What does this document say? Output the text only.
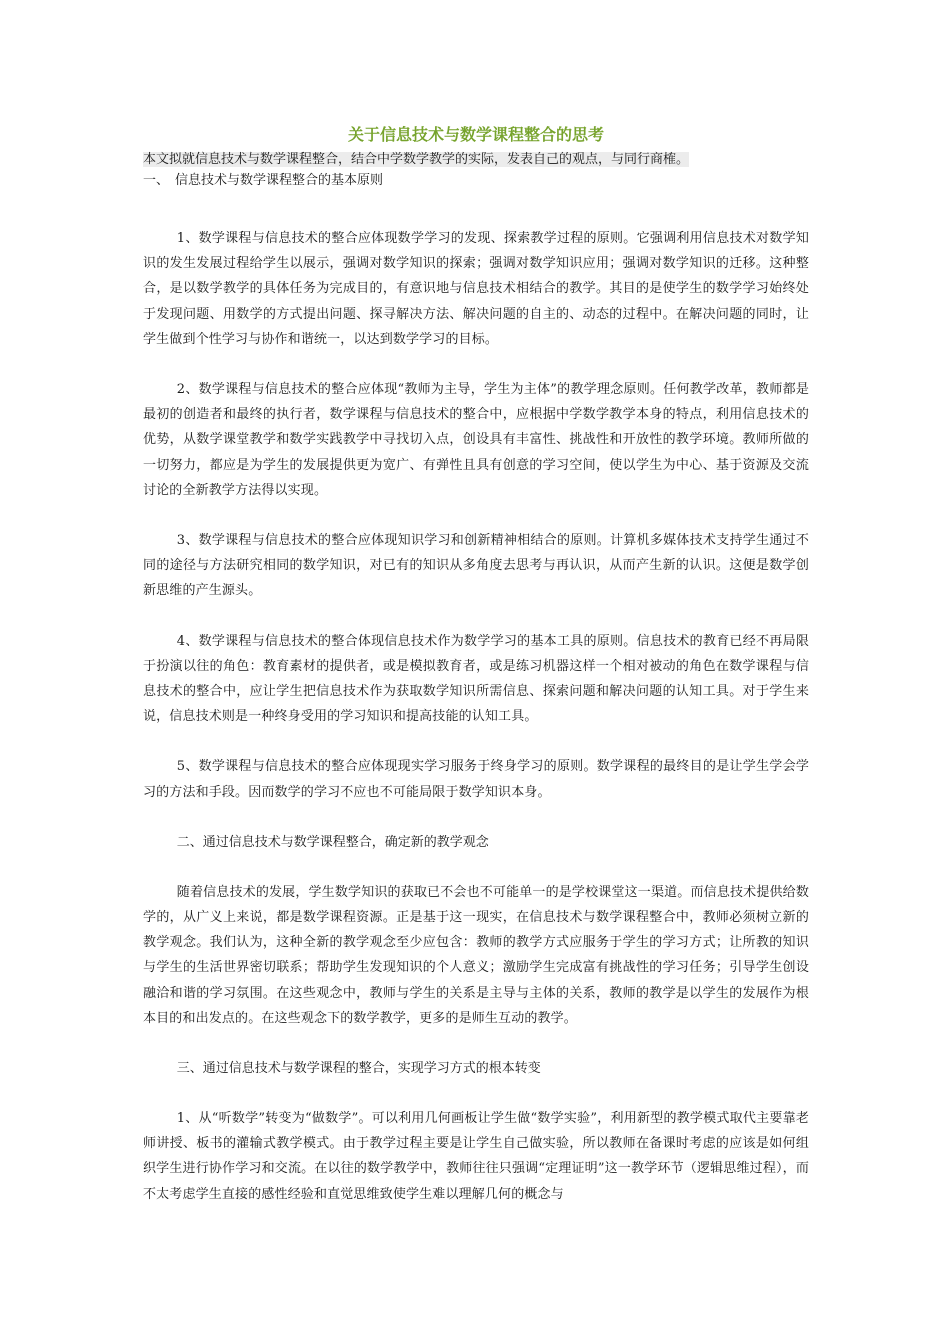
关于信息技术与数学课程整合的思考

本文拟就信息技术与数学课程整合，结合中学数学教学的实际，发表自己的观点，与同行商榷。

一、 信息技术与数学课程整合的基本原则

1、数学课程与信息技术的整合应体现数学学习的发现、探索教学过程的原则。它强调利用信息技术对数学知识的发生发展过程给学生以展示，强调对数学知识的探索；强调对数学知识应用；强调对数学知识的迁移。这种整合，是以数学教学的具体任务为完成目的，有意识地与信息技术相结合的教学。其目的是使学生的数学学习始终处于发现问题、用数学的方式提出问题、探寻解决方法、解决问题的自主的、动态的过程中。在解决问题的同时，让学生做到个性学习与协作和谐统一，以达到数学学习的目标。

2、数学课程与信息技术的整合应体现“教师为主导，学生为主体”的教学理念原则。任何教学改革，教师都是最初的创造者和最终的执行者，数学课程与信息技术的整合中，应根据中学数学教学本身的特点，利用信息技术的优势，从数学课堂教学和数学实践教学中寻找切入点，创设具有丰富性、挑战性和开放性的教学环境。教师所做的一切努力，都应是为学生的发展提供更为宽广、有弹性且具有创意的学习空间，使以学生为中心、基于资源及交流讨论的全新教学方法得以实现。

3、数学课程与信息技术的整合应体现知识学习和创新精神相结合的原则。计算机多媒体技术支持学生通过不同的途径与方法研究相同的数学知识，对已有的知识从多角度去思考与再认识，从而产生新的认识。这便是数学创新思维的产生源头。

4、数学课程与信息技术的整合体现信息技术作为数学学习的基本工具的原则。信息技术的教育已经不再局限于扮演以往的角色：教育素材的提供者，或是模拟教育者，或是练习机器这样一个相对被动的角色在数学课程与信息技术的整合中，应让学生把信息技术作为获取数学知识所需信息、探索问题和解决问题的认知工具。对于学生来说，信息技术则是一种终身受用的学习知识和提高技能的认知工具。

5、数学课程与信息技术的整合应体现现实学习服务于终身学习的原则。数学课程的最终目的是让学生学会学习的方法和手段。因而数学的学习不应也不可能局限于数学知识本身。

二、通过信息技术与数学课程整合，确定新的教学观念

随着信息技术的发展，学生数学知识的获取已不会也不可能单一的是学校课堂这一渠道。而信息技术提供给数学的，从广义上来说，都是数学课程资源。正是基于这一现实，在信息技术与数学课程整合中，教师必须树立新的教学观念。我们认为，这种全新的教学观念至少应包含：教师的教学方式应服务于学生的学习方式；让所教的知识与学生的生活世界密切联系；帮助学生发现知识的个人意义；激励学生完成富有挑战性的学习任务；引导学生创设融洽和谐的学习氛围。在这些观念中，教师与学生的关系是主导与主体的关系，教师的教学是以学生的发展作为根本目的和出发点的。在这些观念下的数学教学，更多的是师生互动的教学。

三、通过信息技术与数学课程的整合，实现学习方式的根本转变

1、从“听数学”转变为“做数学”。可以利用几何画板让学生做“数学实验”，利用新型的教学模式取代主要靠老师讲授、板书的灌输式教学模式。由于教学过程主要是让学生自己做实验，所以教师在备课时考虑的应该是如何组织学生进行协作学习和交流。在以往的数学教学中，教师往往只强调“定理证明”这一教学环节（逻辑思维过程），而不太考虑学生直接的感性经验和直觉思维致使学生难以理解几何的概念与
